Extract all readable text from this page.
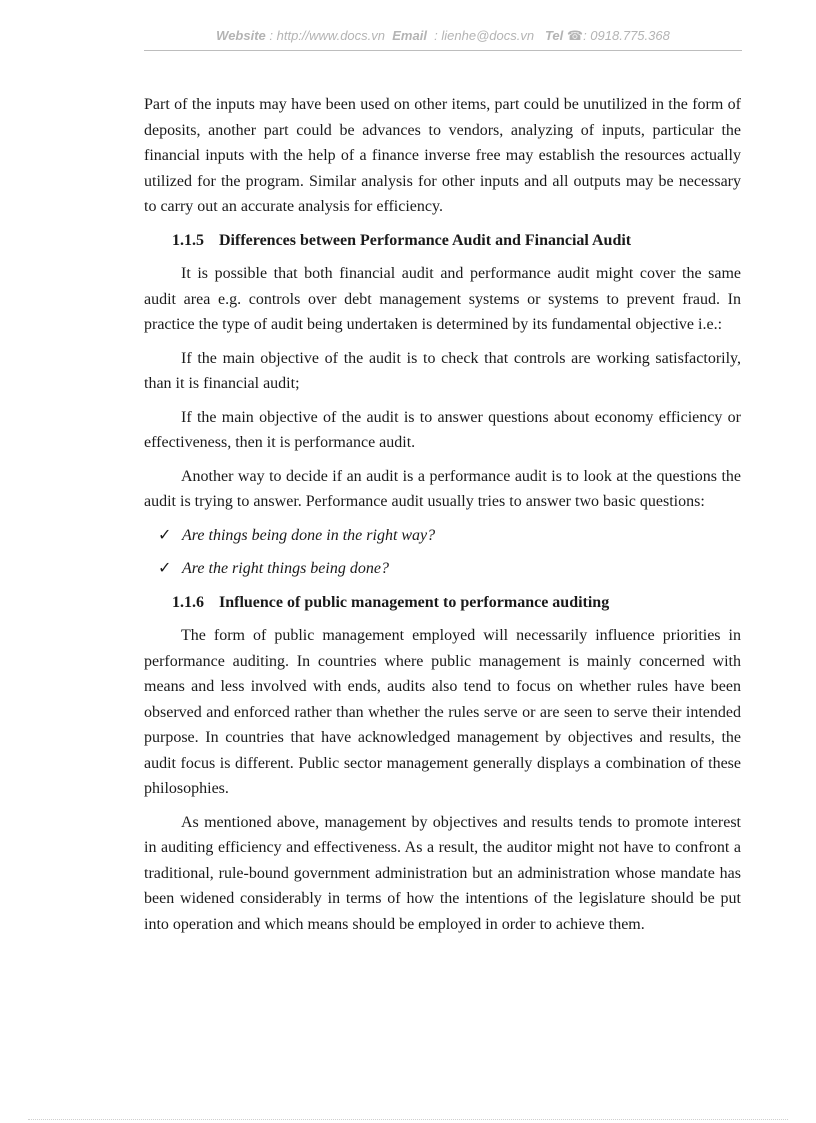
Website : http://www.docs.vn Email  : lienhe@docs.vn Tel ☎: 0918.775.368

Part of the inputs may have been used on other items, part could be unutilized in the form of deposits, another part could be advances to vendors, analyzing of inputs, particular the financial inputs with the help of a finance inverse free may establish the resources actually utilized for the program. Similar analysis for other inputs and all outputs may be necessary to carry out an accurate analysis for efficiency.

1.1.5 Differences between Performance Audit and Financial Audit

It is possible that both financial audit and performance audit might cover the same audit area e.g. controls over debt management systems or systems to prevent fraud. In practice the type of audit being undertaken is determined by its fundamental objective i.e.:

If the main objective of the audit is to check that controls are working satisfactorily, than it is financial audit;

If the main objective of the audit is to answer questions about economy efficiency or effectiveness, then it is performance audit.

Another way to decide if an audit is a performance audit is to look at the questions the audit is trying to answer. Performance audit usually tries to answer two basic questions:

✓ Are things being done in the right way?
✓ Are the right things being done?
1.1.6 Influence of public management to performance auditing

The form of public management employed will necessarily influence priorities in performance auditing. In countries where public management is mainly concerned with means and less involved with ends, audits also tend to focus on whether rules have been observed and enforced rather than whether the rules serve or are seen to serve their intended purpose. In countries that have acknowledged management by objectives and results, the audit focus is different. Public sector management generally displays a combination of these philosophies.

As mentioned above, management by objectives and results tends to promote interest in auditing efficiency and effectiveness. As a result, the auditor might not have to confront a traditional, rule-bound government administration but an administration whose mandate has been widened considerably in terms of how the intentions of the legislature should be put into operation and which means should be employed in order to achieve them.
